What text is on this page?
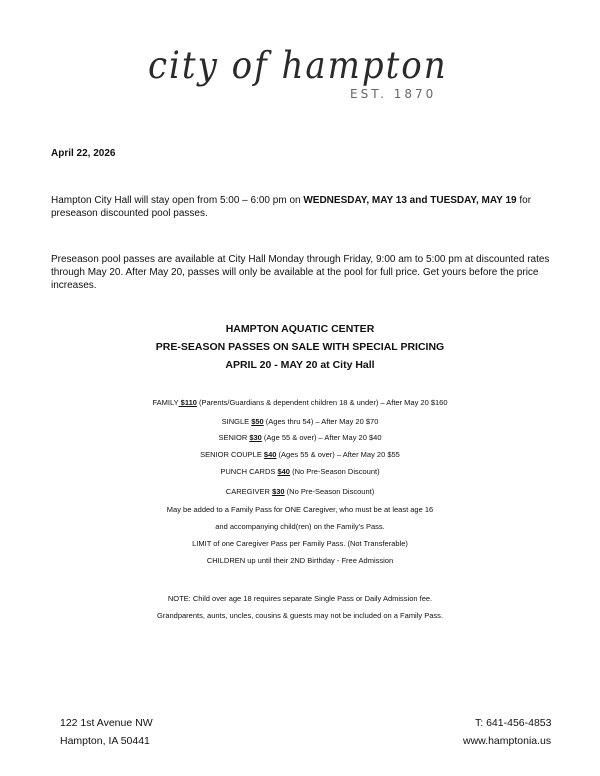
city of hampton
EST. 1870
April 22, 2026
Hampton City Hall will stay open from 5:00 – 6:00 pm on WEDNESDAY, MAY 13 and TUESDAY, MAY 19 for preseason discounted pool passes.
Preseason pool passes are available at City Hall Monday through Friday, 9:00 am to 5:00 pm at discounted rates through May 20. After May 20, passes will only be available at the pool for full price. Get yours before the price increases.
HAMPTON AQUATIC CENTER
PRE-SEASON PASSES ON SALE WITH SPECIAL PRICING
APRIL 20 - MAY 20 at City Hall
FAMILY $110 (Parents/Guardians & dependent children 18 & under) – After May 20 $160
SINGLE $50 (Ages thru 54) – After May 20 $70
SENIOR $30 (Age 55 & over) – After May 20 $40
SENIOR COUPLE $40 (Ages 55 & over) – After May 20 $55
PUNCH CARDS $40 (No Pre-Season Discount)
CAREGIVER $30 (No Pre-Season Discount)
May be added to a Family Pass for ONE Caregiver, who must be at least age 16
and accompanying child(ren) on the Family’s Pass.
LIMIT of one Caregiver Pass per Family Pass. (Not Transferable)
CHILDREN up until their 2ND Birthday - Free Admission
NOTE: Child over age 18 requires separate Single Pass or Daily Admission fee.
Grandparents, aunts, uncles, cousins & guests may not be included on a Family Pass.
122 1st Avenue NW
Hampton, IA 50441
T: 641-456-4853
www.hamptonia.us
